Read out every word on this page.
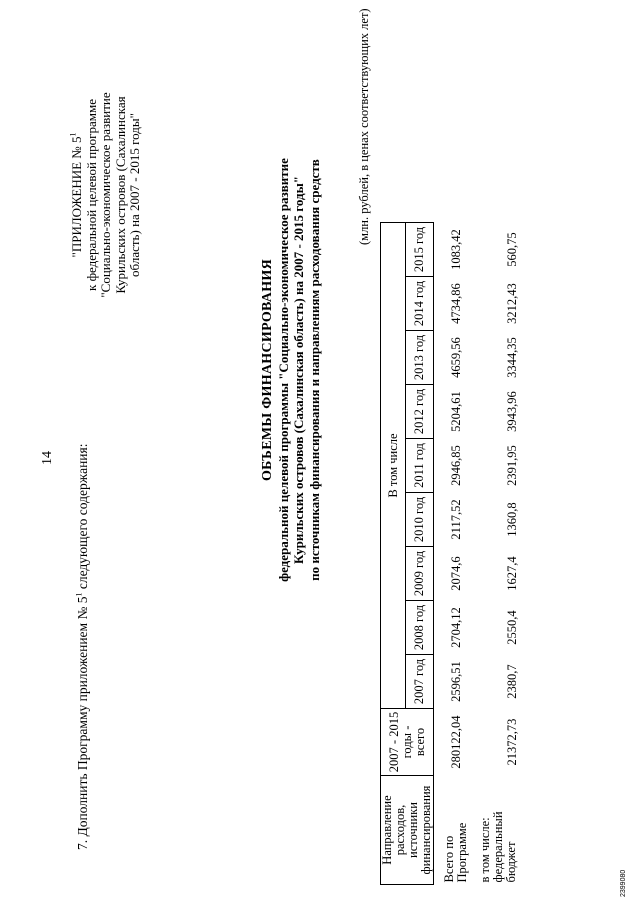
14
7. Дополнить Программу приложением № $5^1$ следующего содержания:
"ПРИЛОЖЕНИЕ № $5^1$ к федеральной целевой программе "Социально-экономическое развитие Курильских островов (Сахалинская область) на 2007 - 2015 годы"
ОБЪЕМЫ ФИНАНСИРОВАНИЯ федеральной целевой программы "Социально-экономическое развитие Курильских островов (Сахалинская область) на 2007 - 2015 годы" по источникам финансирования и направлениям расходования средств
(млн. рублей, в ценах соответствующих лет)
Направление расходов, источники финансирования	2007 - 2015 годы - всего	В том числе								
		2007 год	2008 год	2009 год	2010 год	2011 год	2012 год	2013 год	2014 год	2015 год
Всего по Программе	280122,04	2596,51	2704,12	2074,6	2117,52	2946,85	5204,61	4659,56	4734,86	1083,42
в том числе:										
федеральный бюджет	21372,73	2380,7	2550,4	1627,4	1360,8	2391,95	3943,96	3344,35	3212,43	560,75
2399080
